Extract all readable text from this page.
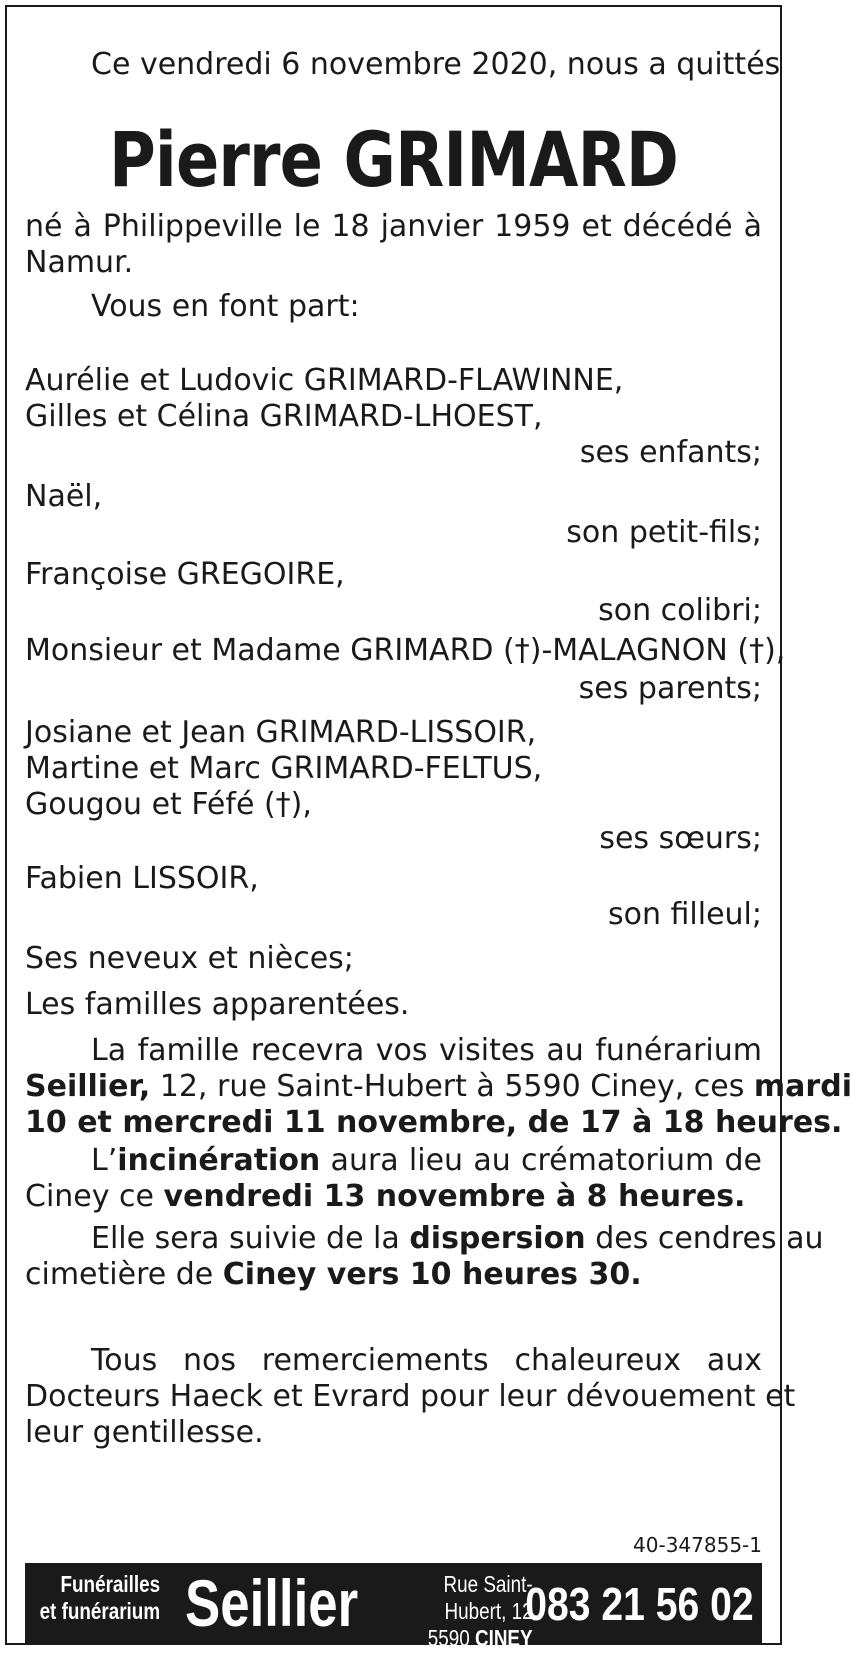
Ce vendredi 6 novembre 2020, nous a quittés
Pierre GRIMARD
né à Philippeville le 18 janvier 1959 et décédé à
Namur.
Vous en font part:
Aurélie et Ludovic GRIMARD-FLAWINNE,
Gilles et Célina GRIMARD-LHOEST,
ses enfants;
Naël,
son petit-fils;
Françoise GREGOIRE,
son colibri;
Monsieur et Madame GRIMARD (†)-MALAGNON (†),
ses parents;
Josiane et Jean GRIMARD-LISSOIR,
Martine et Marc GRIMARD-FELTUS,
Gougou et Féfé (†),
ses sœurs;
Fabien LISSOIR,
son filleul;
Ses neveux et nièces;
Les familles apparentées.
La famille recevra vos visites au funérarium
Seillier, 12, rue Saint-Hubert à 5590 Ciney, ces mardi
10 et mercredi 11 novembre, de 17 à 18 heures.
L’incinération aura lieu au crématorium de
Ciney ce vendredi 13 novembre à 8 heures.
Elle sera suivie de la dispersion des cendres au
cimetière de Ciney vers 10 heures 30.
Tous nos remerciements chaleureux aux
Docteurs Haeck et Evrard pour leur dévouement et
leur gentillesse.
40-347855-1
Funérailles
et funérarium Seillier	Rue Saint-Hubert, 12
5590 CINEY
083 21 56 02
